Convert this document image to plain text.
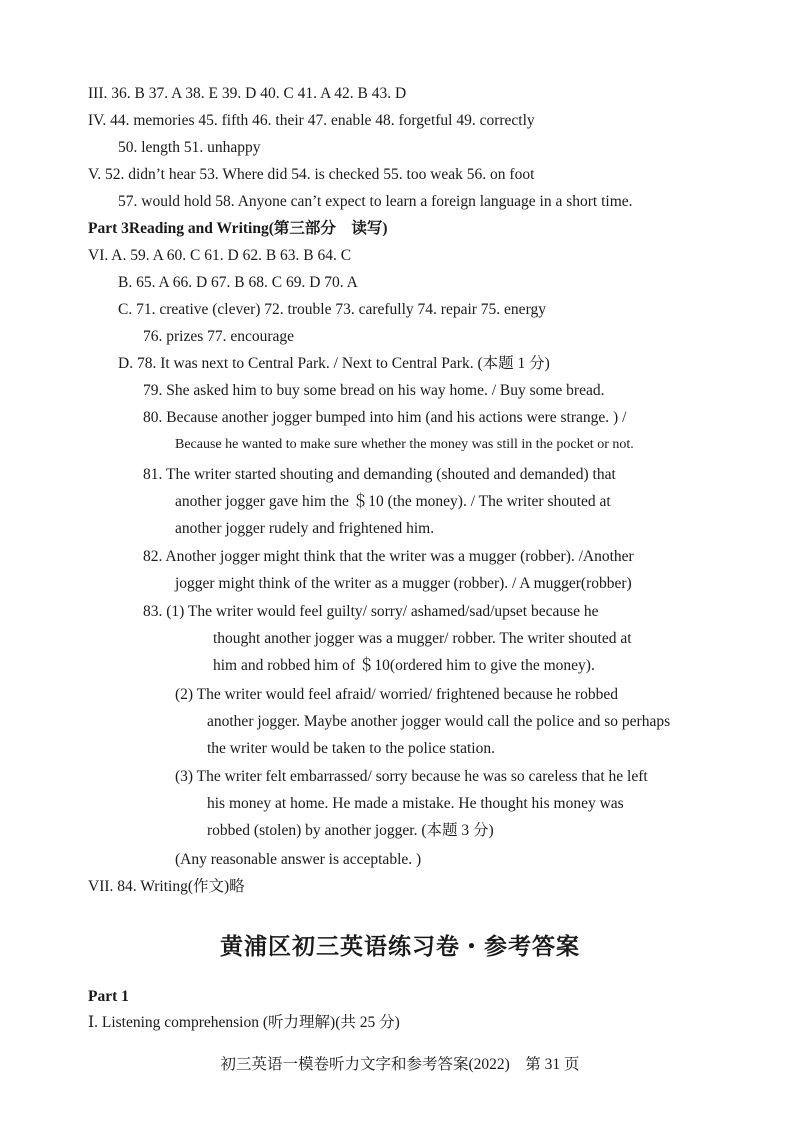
III. 36. B 37. A 38. E 39. D 40. C 41. A 42. B 43. D
IV. 44. memories 45. fifth 46. their 47. enable 48. forgetful 49. correctly
50. length 51. unhappy
V. 52. didn’t hear 53. Where did 54. is checked 55. too weak 56. on foot
57. would hold 58. Anyone can’t expect to learn a foreign language in a short time.
Part 3Reading and Writing(第三部分　读写)
VI. A. 59. A 60. C 61. D 62. B 63. B 64. C
B. 65. A 66. D 67. B 68. C 69. D 70. A
C. 71. creative (clever) 72. trouble 73. carefully 74. repair 75. energy
76. prizes 77. encourage
D. 78. It was next to Central Park. / Next to Central Park. (本题 1 分)
79. She asked him to buy some bread on his way home. / Buy some bread.
80. Because another jogger bumped into him (and his actions were strange. ) /
Because he wanted to make sure whether the money was still in the pocket or not.
81. The writer started shouting and demanding (shouted and demanded) that
another jogger gave him the ＄10 (the money). / The writer shouted at
another jogger rudely and frightened him.
82. Another jogger might think that the writer was a mugger (robber). /Another
jogger might think of the writer as a mugger (robber). / A mugger(robber)
83. (1) The writer would feel guilty/ sorry/ ashamed/sad/upset because he
thought another jogger was a mugger/ robber. The writer shouted at
him and robbed him of ＄10(ordered him to give the money).
(2) The writer would feel afraid/ worried/ frightened because he robbed
another jogger. Maybe another jogger would call the police and so perhaps
the writer would be taken to the police station.
(3) The writer felt embarrassed/ sorry because he was so careless that he left
his money at home. He made a mistake. He thought his money was
robbed (stolen) by another jogger. (本题 3 分)
(Any reasonable answer is acceptable. )
VII. 84. Writing(作文)略
黄浦区初三英语练习卷・参考答案
Part 1
Ⅰ. Listening comprehension (听力理解)(共 25 分)
初三英语一模卷听力文字和参考答案(2022)　第 31 页
